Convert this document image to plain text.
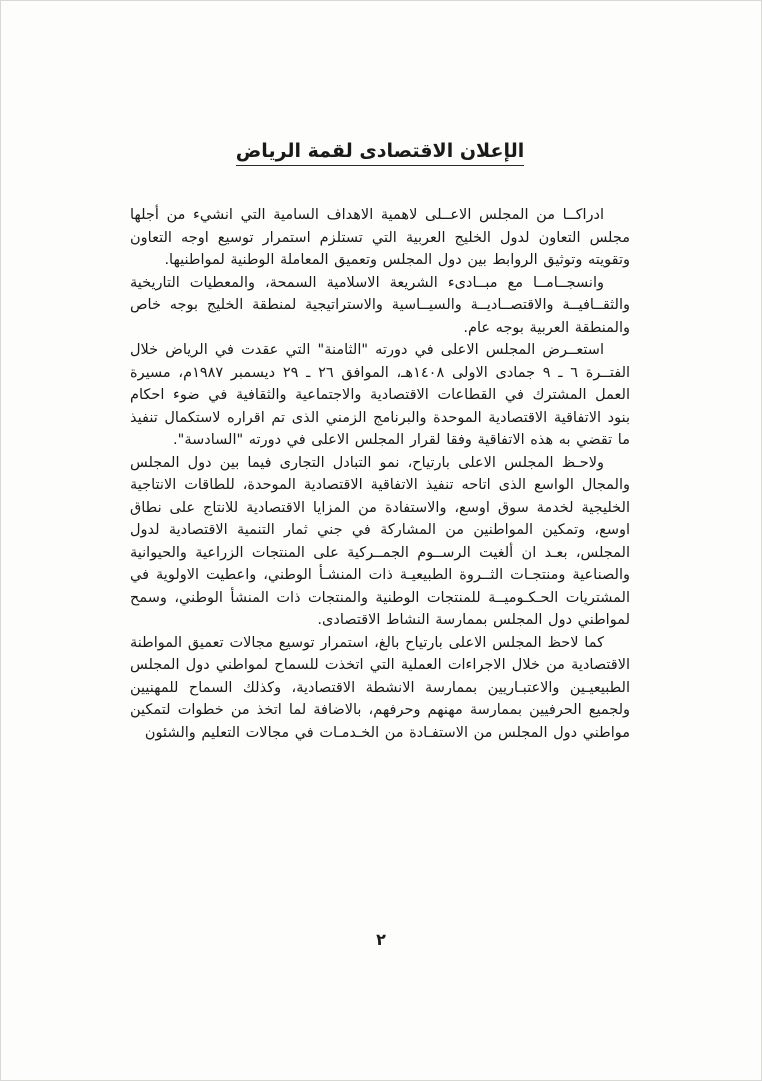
الإعلان الاقتصادى لقمة الرياض

ادراكــا من المجلس الاعــلى لاهمية الاهداف السامية التي انشيء من أجلها مجلس التعاون لدول الخليج العربية التي تستلزم استمرار توسيع اوجه التعاون وتقويته وتوثيق الروابط بين دول المجلس وتعميق المعاملة الوطنية لمواطنيها.

وانسجــامــا مع مبــادىء الشريعة الاسلامية السمحة، والمعطيات التاريخية والثقــافيــة والاقتصــاديــة والسيــاسية والاستراتيجية لمنطقة الخليج بوجه خاص والمنطقة العربية بوجه عام.

استعــرض المجلس الاعلى في دورته "الثامنة" التي عقدت في الرياض خلال الفتــرة ٦ ـ ٩ جمادى الاولى ١٤٠٨هـ، الموافق ٢٦ ـ ٢٩ ديسمبر ١٩٨٧م، مسيرة العمل المشترك في القطاعات الاقتصادية والاجتماعية والثقافية في ضوء احكام بنود الاتفاقية الاقتصادية الموحدة والبرنامج الزمني الذى تم اقراره لاستكمال تنفيذ ما تقضي به هذه الاتفاقية وفقا لقرار المجلس الاعلى في دورته "السادسة".

ولاحـظ المجلس الاعلى بارتياح، نمو التبادل التجارى فيما بين دول المجلس والمجال الواسع الذى اتاحه تنفيذ الاتفاقية الاقتصادية الموحدة، للطاقات الانتاجية الخليجية لخدمة سوق اوسع، والاستفادة من المزايا الاقتصادية للانتاج على نطاق اوسع، وتمكين المواطنين من المشاركة في جني ثمار التنمية الاقتصادية لدول المجلس، بعـد ان ألغيت الرســوم الجمــركية على المنتجات الزراعية والحيوانية والصناعية ومنتجـات الثــروة الطبيعيـة ذات المنشـأ الوطني، واعطيت الاولوية في المشتريات الحـكـوميــة للمنتجات الوطنية والمنتجات ذات المنشأ الوطني، وسمح لمواطني دول المجلس بممارسة النشاط الاقتصادى.

كما لاحظ المجلس الاعلى بارتياح بالغ، استمرار توسيع مجالات تعميق المواطنة الاقتصادية من خلال الاجراءات العملية التي اتخذت للسماح لمواطني دول المجلس الطبيعيـين والاعتبـاريين بممارسة الانشطة الاقتصادية، وكذلك السماح للمهنيين ولجميع الحرفيين بممارسة مهنهم وحرفهم، بالاضافة لما اتخذ من خطوات لتمكين مواطني دول المجلس من الاستفـادة من الخـدمـات في مجالات التعليم والشئون

٢
